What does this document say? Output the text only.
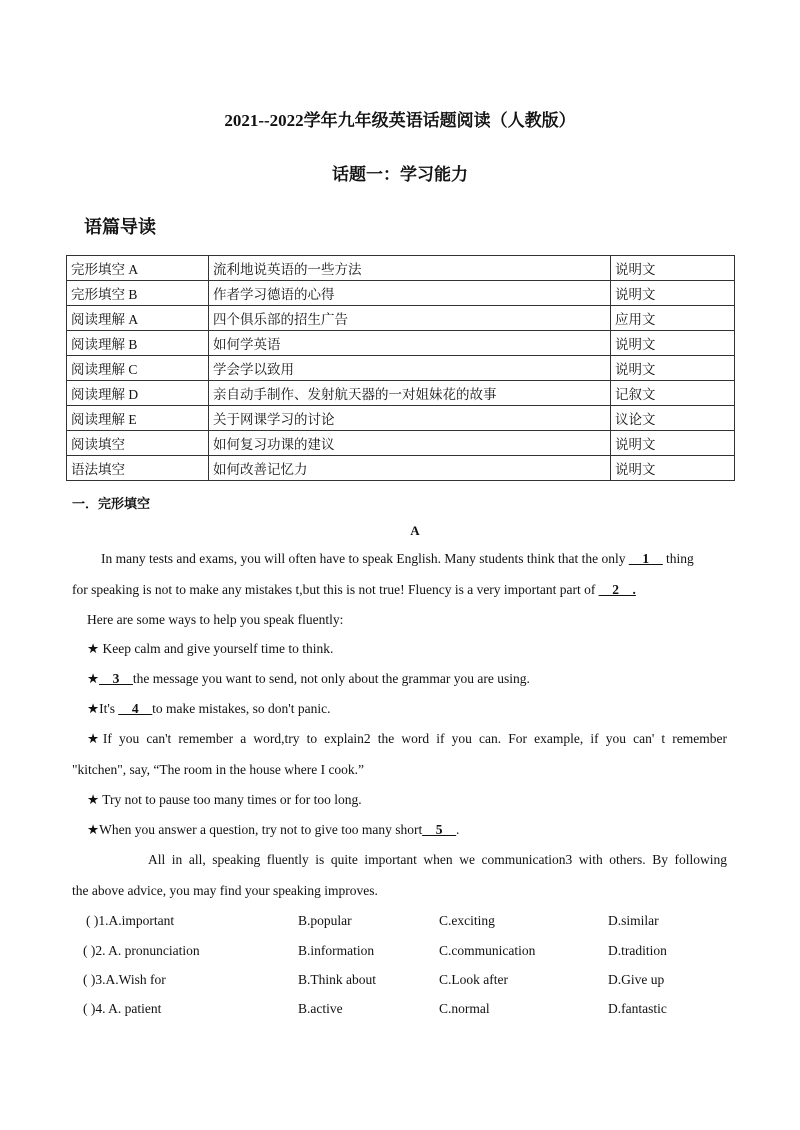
2021--2022学年九年级英语话题阅读（人教版）
话题一：学习能力
语篇导读
完形填空 A	流利地说英语的一些方法	说明文
完形填空 B	作者学习德语的心得	说明文
阅读理解 A	四个俱乐部的招生广告	应用文
阅读理解 B	如何学英语	说明文
阅读理解 C	学会学以致用	说明文
阅读理解 D	亲自动手制作、发射航天器的一对姐妹花的故事	记叙文
阅读理解 E	关于网课学习的讨论	议论文
阅读填空	如何复习功课的建议	说明文
语法填空	如何改善记忆力	说明文
一．完形填空
A
In many tests and exams, you will often have to speak English. Many students think that the only __1__ thing
for speaking is not to make any mistakes t,but this is not true! Fluency is a very important part of __2__.
Here are some ways to help you speak fluently:
★ Keep calm and give yourself time to think.
★__3__the message you want to send, not only about the grammar you are using.
★It's __4__to make mistakes, so don't panic.
★If you can't remember a word,try to explain2 the word if you can. For example, if you can' t remember
"kitchen", say, “The room in the house where I cook.”
★ Try not to pause too many times or for too long.
★When you answer a question, try not to give too many short__5__.
All in all, speaking fluently is quite important when we communication3 with others. By following
the above advice, you may find your speaking improves.
( )1.A.important	B.popular	C.exciting	D.similar
( )2. A. pronunciation	B.information	C.communication	D.tradition
( )3.A.Wish for	B.Think about	C.Look after	D.Give up
( )4. A. patient	B.active	C.normal	D.fantastic
